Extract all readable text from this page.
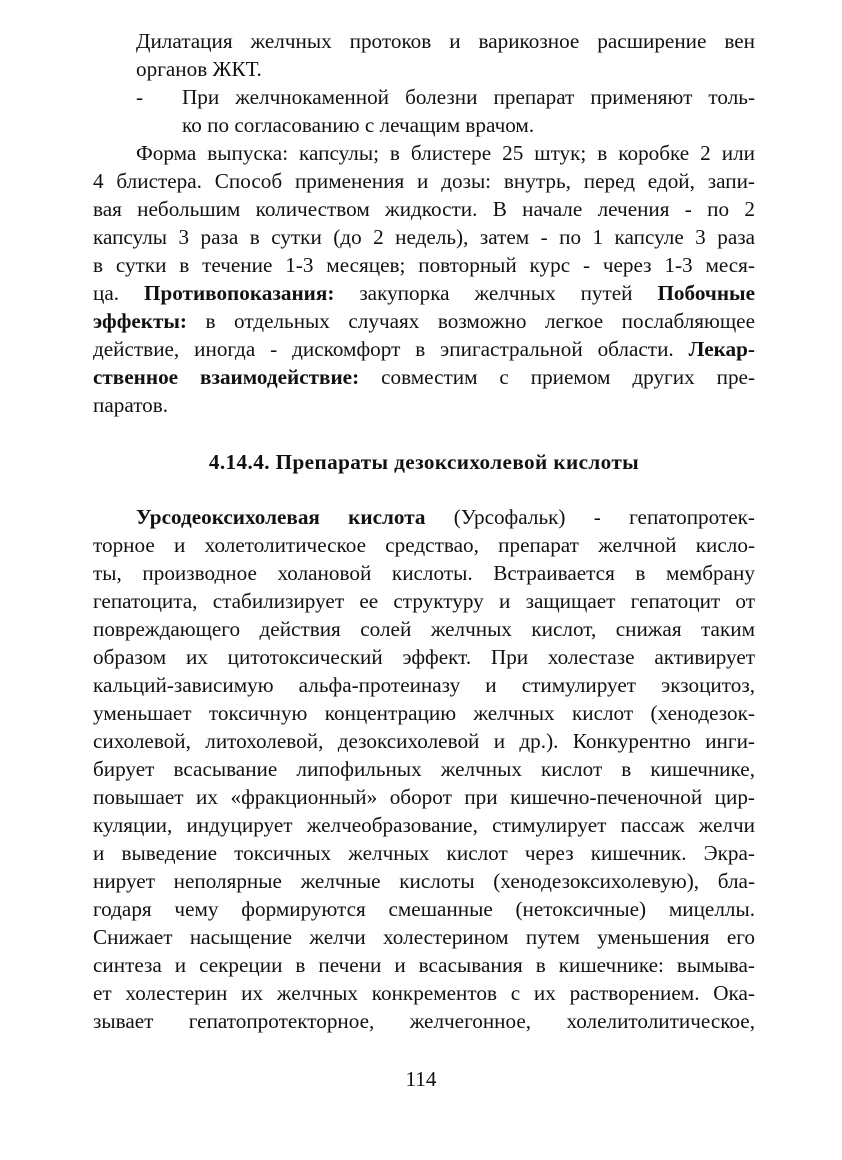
Дилатация желчных протоков и варикозное расширение вен
органов ЖКТ.
- При желчнокаменной болезни препарат применяют толь-
ко по согласованию с лечащим врачом.
Форма выпуска: капсулы; в блистере 25 штук; в коробке 2 или
4 блистера. Способ применения и дозы: внутрь, перед едой, запи-
вая небольшим количеством жидкости. В начале лечения - по 2
капсулы 3 раза в сутки (до 2 недель), затем - по 1 капсуле 3 раза
в сутки в течение 1-3 месяцев; повторный курс - через 1-3 меся-
ца. Противопоказания: закупорка желчных путей Побочные
эффекты: в отдельных случаях возможно легкое послабляющее
действие, иногда - дискомфорт в эпигастральной области. Лекар-
ственное взаимодействие: совместим с приемом других пре-
паратов.
4.14.4. Препараты дезоксихолевой кислоты
Урсодеоксихолевая кислота (Урсофальк) - гепатопротек-
торное и холетолитическое средствао, препарат желчной кисло-
ты, производное холановой кислоты. Встраивается в мембрану
гепатоцита, стабилизирует ее структуру и защищает гепатоцит от
повреждающего действия солей желчных кислот, снижая таким
образом их цитотоксический эффект. При холестазе активирует
кальций-зависимую альфа-протеиназу и стимулирует экзоцитоз,
уменьшает токсичную концентрацию желчных кислот (хенодезок-
сихолевой, литохолевой, дезоксихолевой и др.). Конкурентно инги-
бирует всасывание липофильных желчных кислот в кишечнике,
повышает их «фракционный» оборот при кишечно-печеночной цир-
куляции, индуцирует желчеобразование, стимулирует пассаж желчи
и выведение токсичных желчных кислот через кишечник. Экра-
нирует неполярные желчные кислоты (хенодезоксихолевую), бла-
годаря чему формируются смешанные (нетоксичные) мицеллы.
Снижает насыщение желчи холестерином путем уменьшения его
синтеза и секреции в печени и всасывания в кишечнике: вымыва-
ет холестерин их желчных конкрементов с их растворением. Ока-
зывает гепатопротекторное, желчегонное, холелитолитическое,
114
